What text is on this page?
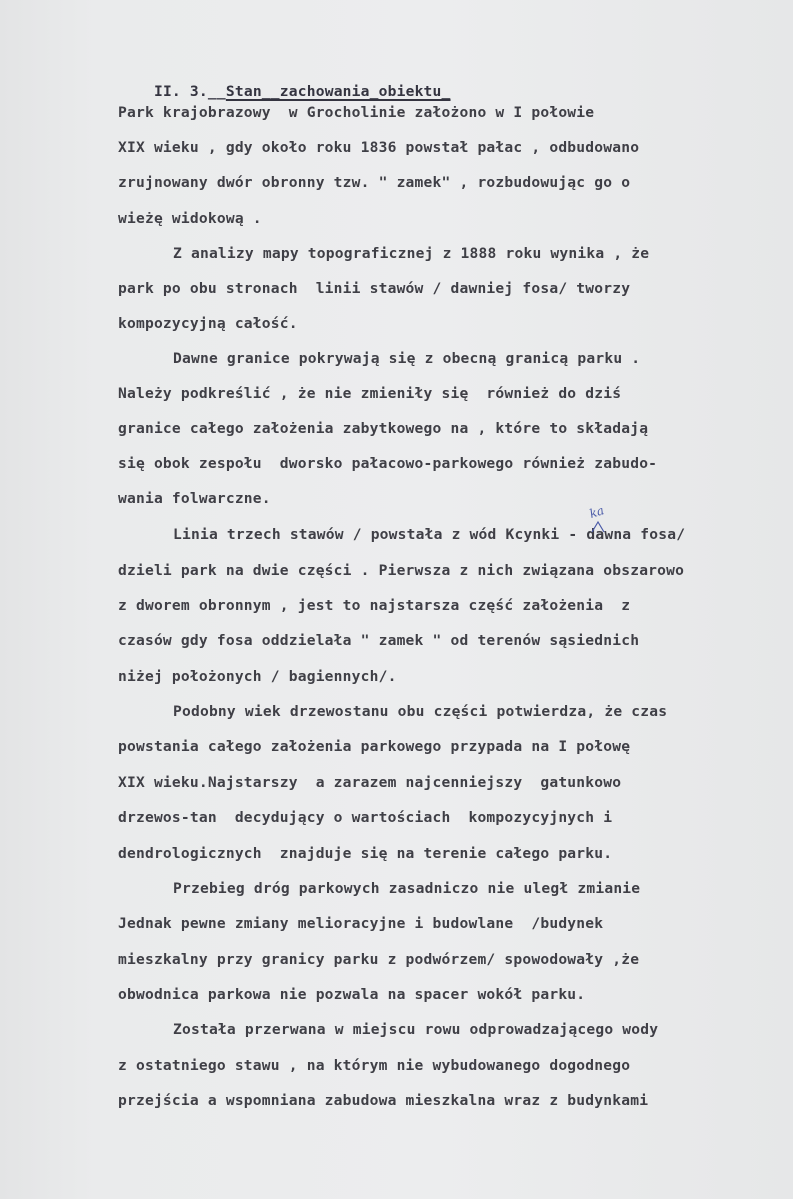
II. 3.__Stan__zachowania_obiektu_

Park krajobrazowy  w Grocholinie założono w I połowie

XIX wieku , gdy około roku 1836 powstał pałac , odbudowano

zrujnowany dwór obronny tzw. " zamek" , rozbudowując go o

wieżę widokową .

Z analizy mapy topograficznej z 1888 roku wynika , że

park po obu stronach  linii stawów / dawniej fosa/ tworzy

kompozycyjną całość.

Dawne granice pokrywają się z obecną granicą parku .

Należy podkreślić , że nie zmieniły się  również do dziś

granice całego założenia zabytkowego na , które to składają

się obok zespołu  dworsko pałacowo-parkowego również zabudo-

wania folwarczne.

Linia trzech stawów / powstała z wód Kcynki - dawna fosa/

ka

dzieli park na dwie części . Pierwsza z nich związana obszarowo

z dworem obronnym , jest to najstarsza część założenia  z

czasów gdy fosa oddzielała " zamek " od terenów sąsiednich

niżej położonych / bagiennych/.

Podobny wiek drzewostanu obu części potwierdza, że czas

powstania całego założenia parkowego przypada na I połowę

XIX wieku.Najstarszy  a zarazem najcenniejszy  gatunkowo

drzewos-tan  decydujący o wartościach  kompozycyjnych i

dendrologicznych  znajduje się na terenie całego parku.

Przebieg dróg parkowych zasadniczo nie uległ zmianie

Jednak pewne zmiany melioracyjne i budowlane  /budynek

mieszkalny przy granicy parku z podwórzem/ spowodowały ,że

obwodnica parkowa nie pozwala na spacer wokół parku.

Została przerwana w miejscu rowu odprowadzającego wody

z ostatniego stawu , na którym nie wybudowanego dogodnego

przejścia a wspomniana zabudowa mieszkalna wraz z budynkami
